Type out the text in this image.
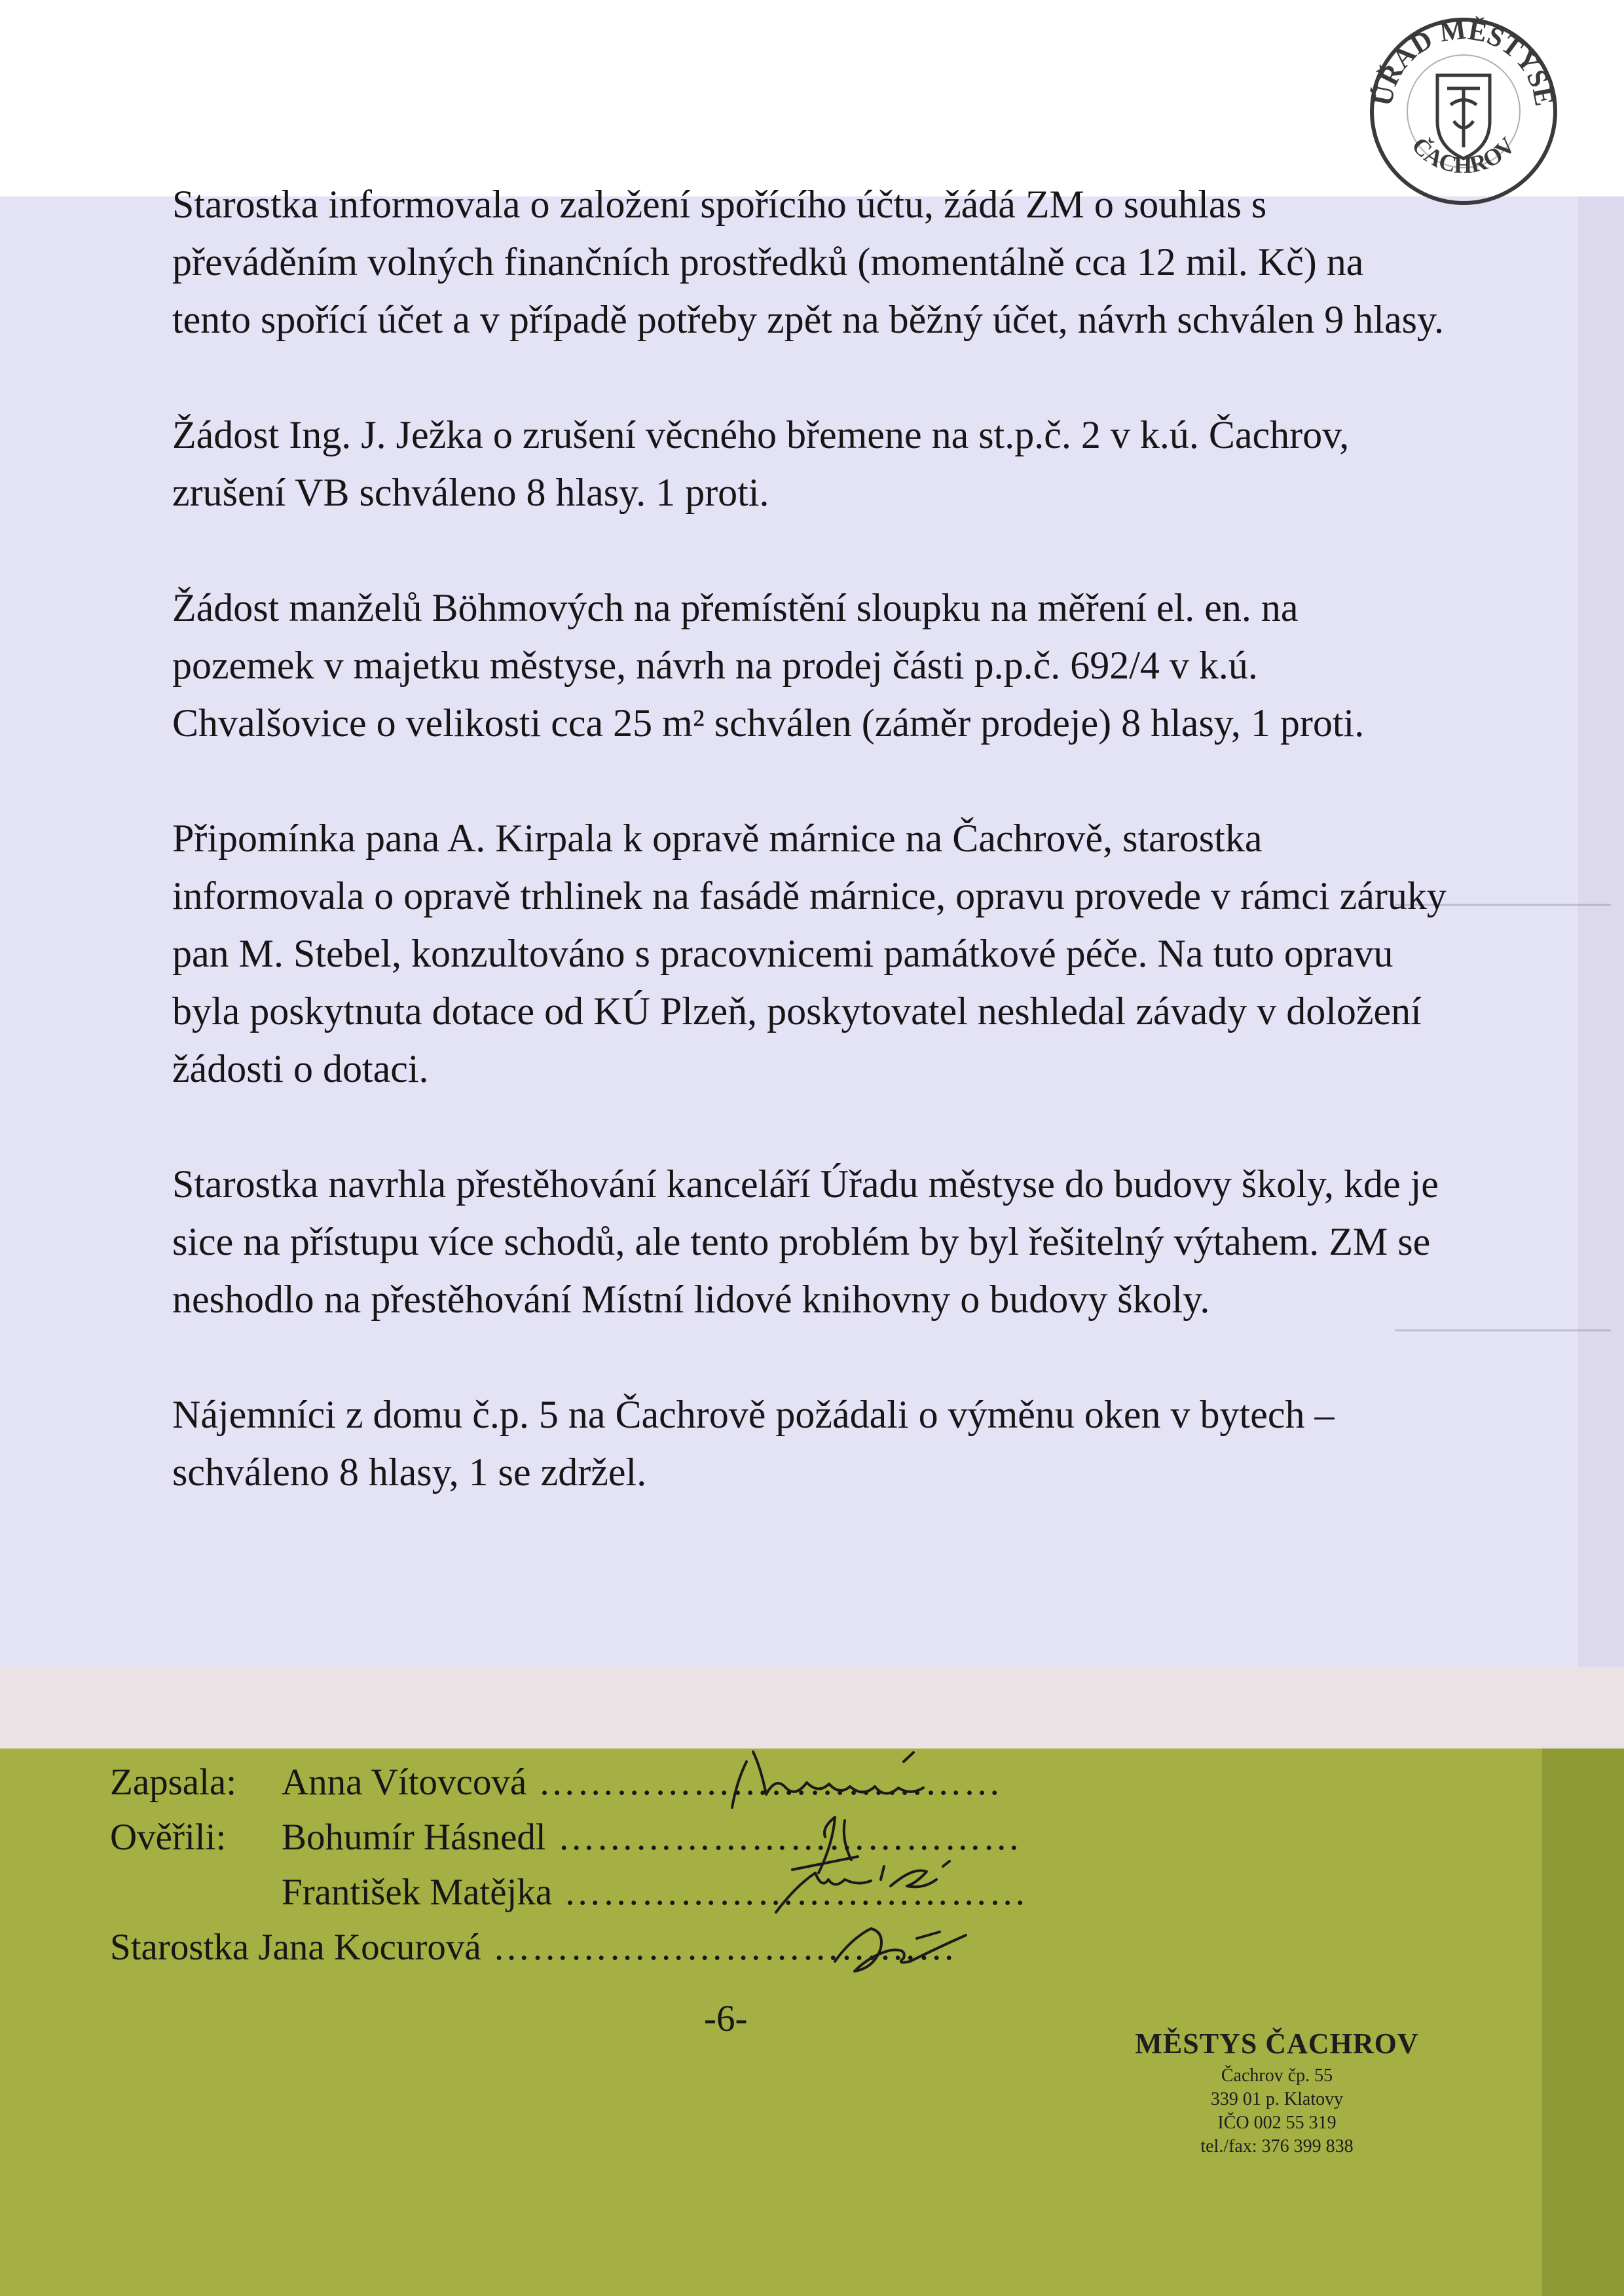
ÚŘAD MĚSTYSE
ČACHROV

Starostka informovala o založení spořícího účtu, žádá ZM o souhlas s převáděním volných finančních prostředků (momentálně cca 12 mil. Kč) na tento spořící účet a v případě potřeby zpět na běžný účet, návrh schválen 9 hlasy.

Žádost Ing. J. Ježka o zrušení věcného břemene na st.p.č. 2 v k.ú. Čachrov, zrušení VB schváleno 8 hlasy. 1 proti.

Žádost manželů Böhmových na přemístění sloupku na měření el. en. na pozemek v majetku městyse, návrh na prodej části p.p.č. 692/4 v k.ú. Chvalšovice o velikosti cca 25 m² schválen (záměr prodeje) 8 hlasy, 1 proti.

Připomínka pana A. Kirpala k opravě márnice na Čachrově, starostka informovala o opravě trhlinek na fasádě márnice, opravu provede v rámci záruky pan M. Stebel, konzultováno s pracovnicemi památkové péče. Na tuto opravu byla poskytnuta dotace od KÚ Plzeň, poskytovatel neshledal závady v doložení žádosti o dotaci.

Starostka navrhla přestěhování kanceláří Úřadu městyse do budovy školy, kde je sice na přístupu více schodů, ale tento problém by byl řešitelný výtahem. ZM se neshodlo na přestěhování Místní lidové knihovny o budovy školy.

Nájemníci z domu č.p. 5 na Čachrově požádali o výměnu oken v bytech – schváleno 8 hlasy, 1 se zdržel.

Zapsala:	Anna Vítovcová ………………………………
Ověřili:	Bohumír Hásnedl ………………………………
František Matějka ………………………………
Starostka Jana Kocurová ………………………………
-6-
MĚSTYS ČACHROV
Čachrov čp. 55
339 01 p. Klatovy
IČO 002 55 319
tel./fax: 376 399 838
